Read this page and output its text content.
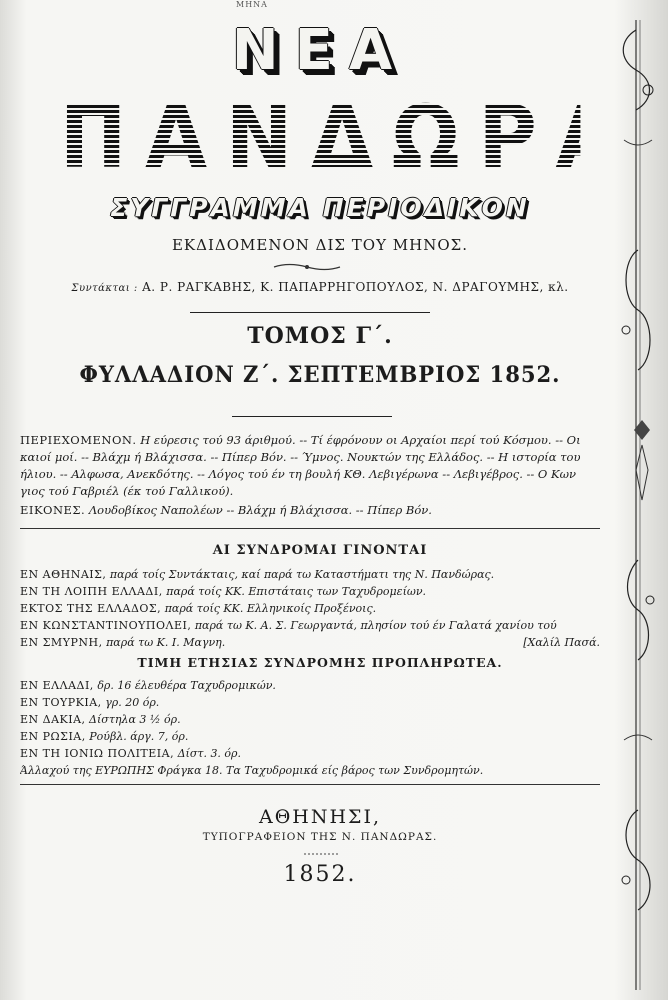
ΜΗΝΑ
ΝΕΑ
ΠΑΝΔΩΡΑ
ΣΥΓΓΡΑΜΜΑ ΠΕΡΙΟΔΙΚΟΝ
ΕΚΔΙΔΟΜΕΝΟΝ ΔΙΣ ΤΟΥ ΜΗΝΟΣ.
Συντάκται : Α. Ρ. ΡΑΓΚΑΒΗΣ, Κ. ΠΑΠΑΡΡΗΓΟΠΟΥΛΟΣ, Ν. ΔΡΑΓΟΥΜΗΣ, κλ.
ΤΟΜΟΣ Γ΄.
ΦΥΛΛΑΔΙΟΝ Ζ΄. ΣΕΠΤΕΜΒΡΙΟΣ 1852.
ΠΕΡΙΕΧΟΜΕΝΟΝ. Η εύρεσις τού 93 άριθμού. -- Τί έφρόνουν οι Αρχαίοι περί τού Κόσμου. -- Οι καιοί μοί. -- Βλάχμ ή Βλάχισσα. -- Πίπερ Βόν. -- Ύμνος. Νουκτών της Ελλάδος. -- Η ιστορία του ήλιου. -- Αλφωσα, Ανεκδότης. -- Λόγος τού έν τη βουλή ΚΘ. Λεβιγέρωνα -- Λεβιγέβρος. -- Ο Κων γιος τού Γαβριέλ (έκ τού Γαλλικού).
ΕΙΚΟΝΕΣ. Λουδοβίκος Ναπολέων -- Βλάχμ ή Βλάχισσα. -- Πίπερ Βόν.
ΑΙ ΣΥΝΔΡΟΜΑΙ ΓΙΝΟΝΤΑΙ
ΕΝ ΑΘΗΝΑΙΣ, παρά τοίς Συντάκταις, καί παρά τω Καταστήματι της Ν. Πανδώρας.
ΕΝ ΤΗ ΛΟΙΠΗ ΕΛΛΑΔΙ, παρά τοίς ΚΚ. Επιστάταις των Ταχυδρομείων.
ΕΚΤΟΣ ΤΗΣ ΕΛΛΑΔΟΣ, παρά τοίς ΚΚ. Ελληνικοίς Προξένοις.
ΕΝ ΚΩΝΣΤΑΝΤΙΝΟΥΠΟΛΕΙ, παρά τω Κ. Α. Σ. Γεωργαντά, πλησίον τού έν Γαλατά χανίου τού
ΕΝ ΣΜΥΡΝΗ, παρά τω Κ. Ι. Μαγνη.	[Χαλίλ Πασά.
ΤΙΜΗ ΕΤΗΣΙΑΣ ΣΥΝΔΡΟΜΗΣ ΠΡΟΠΛΗΡΩΤΕΑ.
ΕΝ ΕΛΛΑΔΙ, δρ. 16 έλευθέρα Ταχυδρομικών.
ΕΝ ΤΟΥΡΚΙΑ, γρ. 20 όρ.
ΕΝ ΔΑΚΙΑ, Δίστηλα 3 ½ όρ.
ΕΝ ΡΩΣΙΑ, Ρούβλ. άργ. 7, όρ.
ΕΝ ΤΗ ΙΟΝΙΩ ΠΟΛΙΤΕΙΑ, Δίστ. 3. όρ.
Άλλαχού της ΕΥΡΩΠΗΣ Φράγκα 18. Τα Ταχυδρομικά είς βάρος των Συνδρομητών.
ΑΘΗΝΗΣΙ,
ΤΥΠΟΓΡΑΦΕΙΟΝ ΤΗΣ Ν. ΠΑΝΔΩΡΑΣ.
1852.
